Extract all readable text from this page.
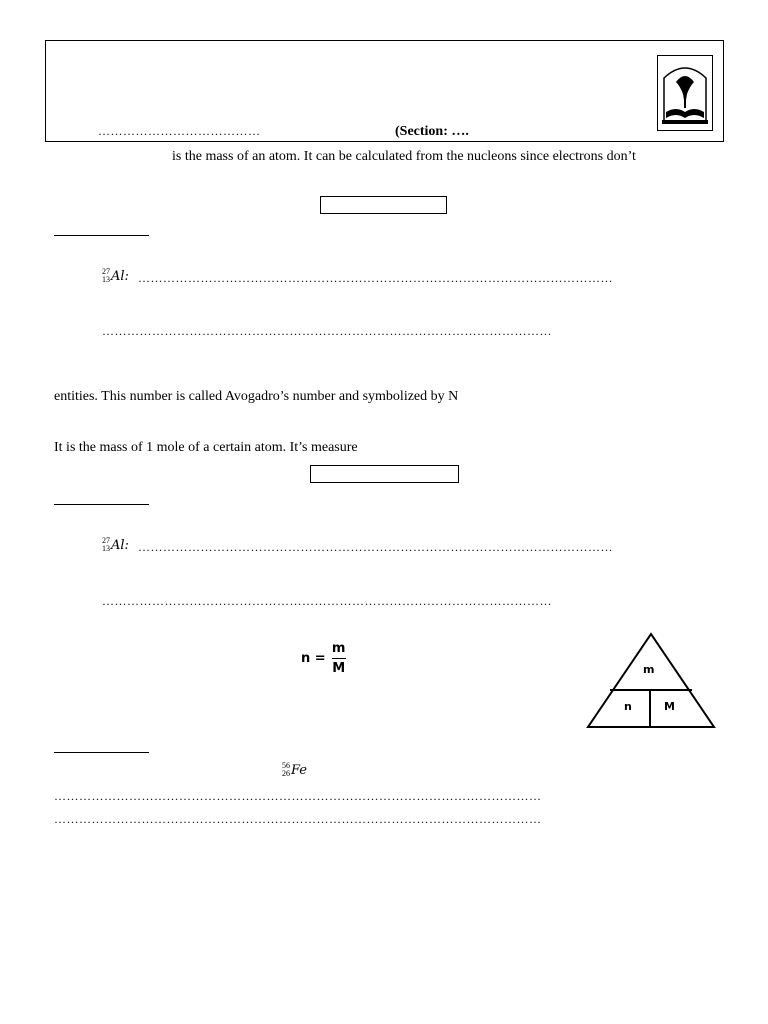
…………………………………	(Section: ….
is the mass of an atom. It can be calculated from the nucleons since electrons don’t
27
13 Al : ……………………………………………………………………………………………………
………………………………………………………………………………………………
entities. This number is called Avogadro’s number and symbolized by N
It is the mass of 1 mole of a certain atom. It’s measure
27
13 Al : ……………………………………………………………………………………………………
………………………………………………………………………………………………
$n = \frac{m}{M}$	m
n	M
56
26 Fe
………………………………………………………………………………………………………
………………………………………………………………………………………………………
